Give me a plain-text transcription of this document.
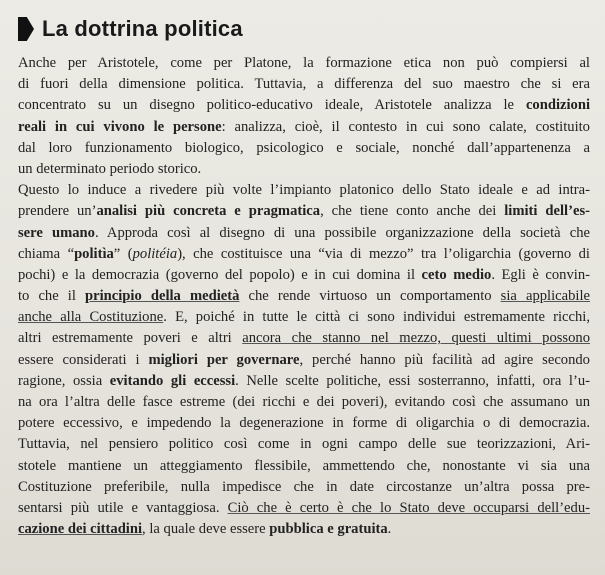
La dottrina politica
Anche per Aristotele, come per Platone, la formazione etica non può compiersi al
di fuori della dimensione politica. Tuttavia, a differenza del suo maestro che si era
concentrato su un disegno politico-educativo ideale, Aristotele analizza le condizioni
reali in cui vivono le persone: analizza, cioè, il contesto in cui sono calate, costituito
dal loro funzionamento biologico, psicologico e sociale, nonché dall’appartenenza a
un determinato periodo storico.
Questo lo induce a rivedere più volte l’impianto platonico dello Stato ideale e ad intra-
prendere un’analisi più concreta e pragmatica, che tiene conto anche dei limiti dell’es-
sere umano. Approda così al disegno di una possibile organizzazione della società che
chiama “politìa” (politéia), che costituisce una “via di mezzo” tra l’oligarchia (governo di
pochi) e la democrazia (governo del popolo) e in cui domina il ceto medio. Egli è convin-
to che il principio della medietà che rende virtuoso un comportamento sia applicabile
anche alla Costituzione. E, poiché in tutte le città ci sono individui estremamente ricchi,
altri estremamente poveri e altri ancora che stanno nel mezzo, questi ultimi possono
essere considerati i migliori per governare, perché hanno più facilità ad agire secondo
ragione, ossia evitando gli eccessi. Nelle scelte politiche, essi sosterranno, infatti, ora l’u-
na ora l’altra delle fasce estreme (dei ricchi e dei poveri), evitando così che assumano un
potere eccessivo, e impedendo la degenerazione in forme di oligarchia o di democrazia.
Tuttavia, nel pensiero politico così come in ogni campo delle sue teorizzazioni, Ari-
stotele mantiene un atteggiamento flessibile, ammettendo che, nonostante vi sia una
Costituzione preferibile, nulla impedisce che in date circostanze un’altra possa pre-
sentarsi più utile e vantaggiosa. Ciò che è certo è che lo Stato deve occuparsi dell’edu-
cazione dei cittadini, la quale deve essere pubblica e gratuita.
